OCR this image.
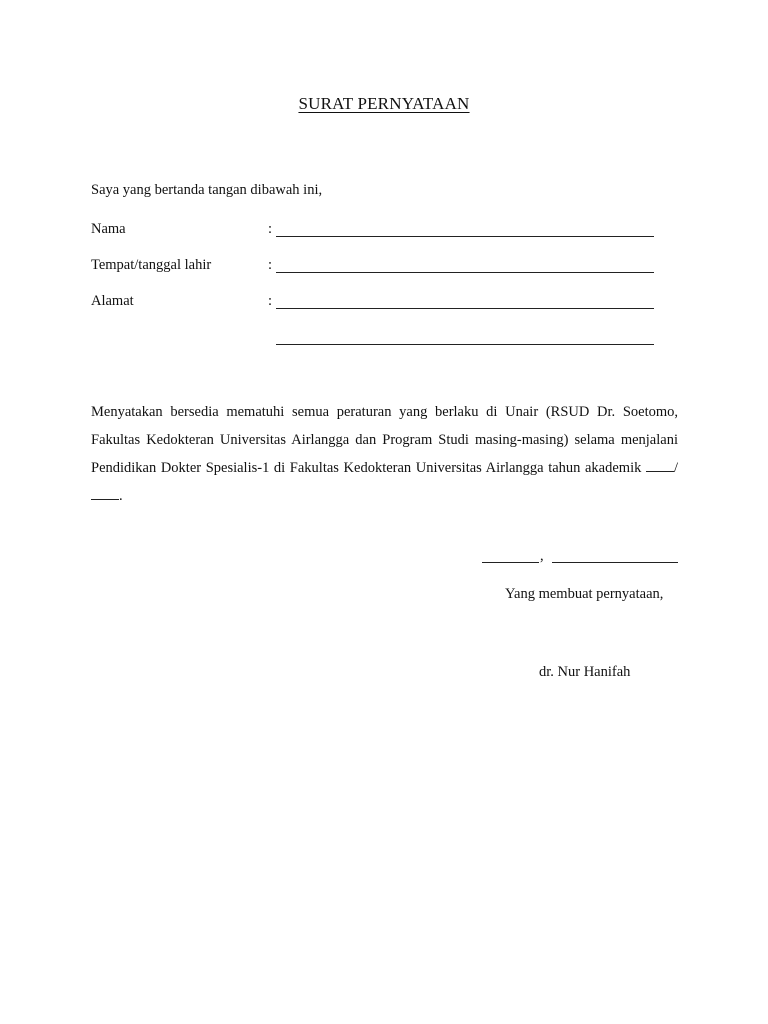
SURAT PERNYATAAN
Saya yang bertanda tangan dibawah ini,
Nama	:
Tempat/tanggal lahir	:
Alamat	:
Menyatakan bersedia mematuhi semua peraturan yang berlaku di Unair (RSUD Dr. Soetomo, Fakultas Kedokteran Universitas Airlangga dan Program Studi masing-masing) selama menjalani Pendidikan Dokter Spesialis-1 di Fakultas Kedokteran Universitas Airlangga tahun akademik /.
,
Yang membuat pernyataan,
dr. Nur Hanifah
